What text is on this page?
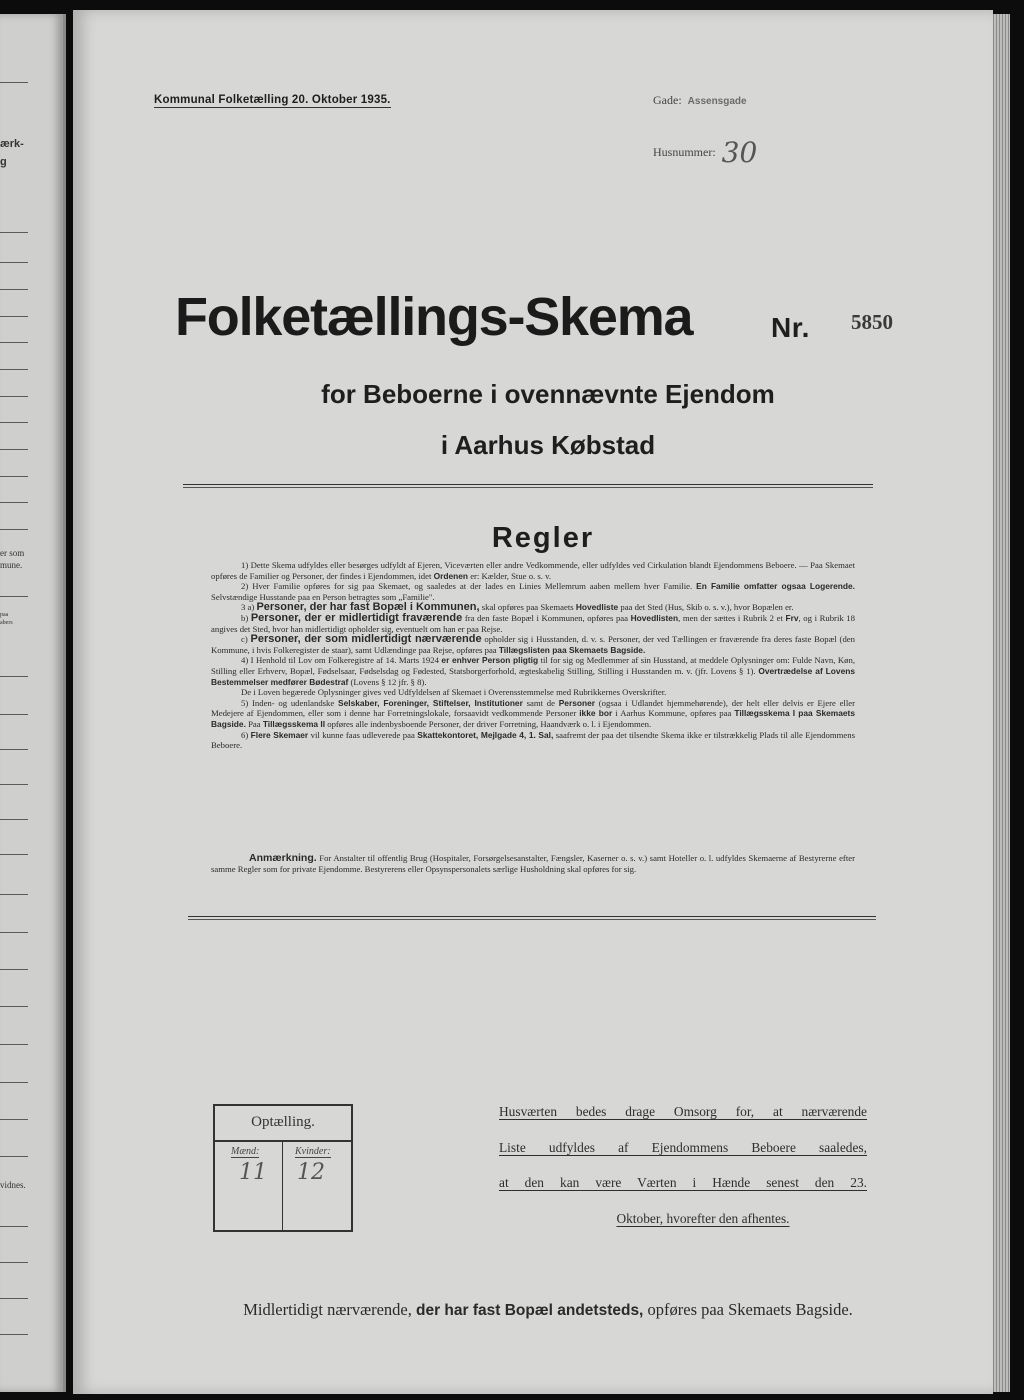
ærk-
g
er som
mune.
paa
abers
vidnes.
Kommunal Folketælling 20. Oktober 1935.	Gade: Assensgade
Husnummer: 30
Folketællings-Skema	Nr. 5850
for Beboerne i ovennævnte Ejendom
i Aarhus Købstad
Regler

1) Dette Skema udfyldes eller besørges udfyldt af Ejeren, Viceværten eller andre Vedkommende, eller udfyldes ved Cirkulation blandt Ejendommens Beboere. — Paa Skemaet opføres de Familier og Personer, der findes i Ejendommen, idet Ordenen er: Kælder, Stue o. s. v.

2) Hver Familie opføres for sig paa Skemaet, og saaledes at der lades en Linies Mellemrum aaben mellem hver Familie. En Familie omfatter ogsaa Logerende. Selvstændige Husstande paa en Person betragtes som „Familie".

3 a) Personer, der har fast Bopæl i Kommunen, skal opføres paa Skemaets Hovedliste paa det Sted (Hus, Skib o. s. v.), hvor Bopælen er.

b) Personer, der er midlertidigt fraværende fra den faste Bopæl i Kommunen, opføres paa Hovedlisten, men der sættes i Rubrik 2 et Frv, og i Rubrik 18 angives det Sted, hvor han midlertidigt opholder sig, eventuelt om han er paa Rejse.

c) Personer, der som midlertidigt nærværende opholder sig i Husstanden, d. v. s. Personer, der ved Tællingen er fraværende fra deres faste Bopæl (den Kommune, i hvis Folkeregister de staar), samt Udlændinge paa Rejse, opføres paa Tillægslisten paa Skemaets Bagside.

4) I Henhold til Lov om Folkeregistre af 14. Marts 1924 er enhver Person pligtig til for sig og Medlemmer af sin Husstand, at meddele Oplysninger om: Fulde Navn, Køn, Stilling eller Erhverv, Bopæl, Fødselsaar, Fødselsdag og Fødested, Statsborgerforhold, ægteskabelig Stilling, Stilling i Husstanden m. v. (jfr. Lovens § 1). Overtrædelse af Lovens Bestemmelser medfører Bødestraf (Lovens § 12 jfr. § 8).

De i Loven begærede Oplysninger gives ved Udfyldelsen af Skemaet i Overensstemmelse med Rubrikkernes Overskrifter.

5) Inden- og udenlandske Selskaber, Foreninger, Stiftelser, Institutioner samt de Personer (ogsaa i Udlandet hjemmehørende), der helt eller delvis er Ejere eller Medejere af Ejendommen, eller som i denne har Forretningslokale, forsaavidt vedkommende Personer ikke bor i Aarhus Kommune, opføres paa Tillægsskema I paa Skemaets Bagside. Paa Tillægsskema II opføres alle indenbysboende Personer, der driver Forretning, Haandværk o. l. i Ejendommen.

6) Flere Skemaer vil kunne faas udleverede paa Skattekontoret, Mejlgade 4, 1. Sal, saafremt der paa det tilsendte Skema ikke er tilstrækkelig Plads til alle Ejendommens Beboere.

Anmærkning. For Anstalter til offentlig Brug (Hospitaler, Forsørgelsesanstalter, Fængsler, Kaserner o. s. v.) samt Hoteller o. l. udfyldes Skemaerne af Bestyrerne efter samme Regler som for private Ejendomme. Bestyrerens eller Opsynspersonalets særlige Husholdning skal opføres for sig.
Optælling.
Mænd:	Kvinder:
11 12
Husværten bedes drage Omsorg for, at nærværende
Liste udfyldes af Ejendommens Beboere saaledes,
at den kan være Værten i Hænde senest den 23.
Oktober, hvorefter den afhentes.
Midlertidigt nærværende, der har fast Bopæl andetsteds, opføres paa Skemaets Bagside.
